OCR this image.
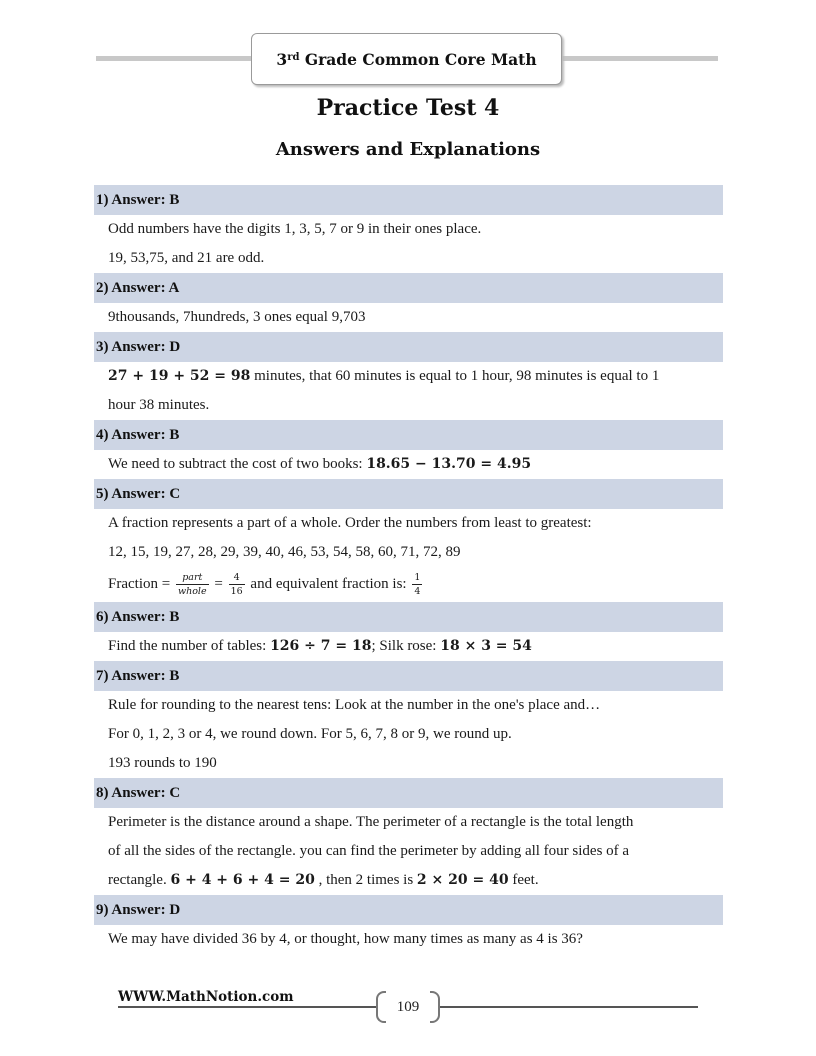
3rd Grade Common Core Math
Practice Test 4
Answers and Explanations
1) Answer: B
Odd numbers have the digits 1, 3, 5, 7 or 9 in their ones place.
19, 53,75, and 21 are odd.
2) Answer: A
9thousands, 7hundreds, 3 ones equal 9,703
3) Answer: D
27 + 19 + 52 = 98 minutes, that 60 minutes is equal to 1 hour, 98 minutes is equal to 1
hour 38 minutes.
4) Answer: B
We need to subtract the cost of two books: 18.65 − 13.70 = 4.95
5) Answer: C
A fraction represents a part of a whole. Order the numbers from least to greatest:
12, 15, 19, 27, 28, 29, 39, 40, 46, 53, 54, 58, 60, 71, 72, 89
Fraction = $\frac{\text{part}}{\text{whole}} = \frac{4}{16}$ and equivalent fraction is: $\frac{1}{4}$
6) Answer: B
Find the number of tables: 126 ÷ 7 = 18; Silk rose: 18 × 3 = 54
7) Answer: B
Rule for rounding to the nearest tens: Look at the number in the one's place and…
For 0, 1, 2, 3 or 4, we round down. For 5, 6, 7, 8 or 9, we round up.
193 rounds to 190
8) Answer: C
Perimeter is the distance around a shape. The perimeter of a rectangle is the total length
of all the sides of the rectangle. you can find the perimeter by adding all four sides of a
rectangle. 6 + 4 + 6 + 4 = 20 , then 2 times is 2 × 20 = 40 feet.
9) Answer: D
We may have divided 36 by 4, or thought, how many times as many as 4 is 36?
WWW.MathNotion.com
109
